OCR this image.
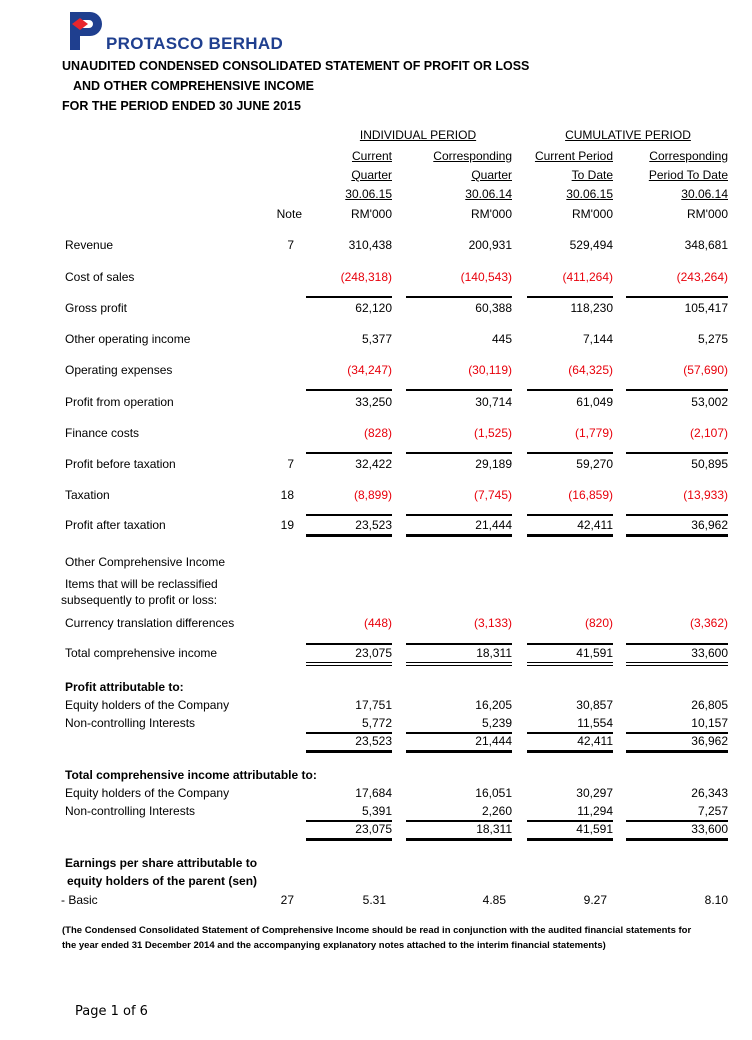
PROTASCO BERHAD
UNAUDITED CONDENSED CONSOLIDATED STATEMENT OF PROFIT OR LOSS
AND OTHER COMPREHENSIVE INCOME
FOR THE PERIOD ENDED 30 JUNE 2015
INDIVIDUAL PERIOD	CUMULATIVE PERIOD
Current	Corresponding	Current Period	Corresponding
Quarter	Quarter	To Date	Period To Date
30.06.15	30.06.14	30.06.15	30.06.14
Note	RM'000	RM'000	RM'000	RM'000
Revenue	7	310,438	200,931	529,494	348,681
Cost of sales	(248,318)	(140,543)	(411,264)	(243,264)
Gross profit	62,120	60,388	118,230	105,417
Other operating income	5,377	445	7,144	5,275
Operating expenses	(34,247)	(30,119)	(64,325)	(57,690)
Profit from operation	33,250	30,714	61,049	53,002
Finance costs	(828)	(1,525)	(1,779)	(2,107)
Profit before taxation	7	32,422	29,189	59,270	50,895
Taxation	18	(8,899)	(7,745)	(16,859)	(13,933)
Profit after taxation	19	23,523	21,444	42,411	36,962
Other Comprehensive Income
Items that will be reclassified
subsequently to profit or loss:
Currency translation differences	(448)	(3,133)	(820)	(3,362)
Total comprehensive income	23,075	18,311	41,591	33,600
Profit attributable to:
Equity holders of the Company	17,751	16,205	30,857	26,805
Non-controlling Interests	5,772	5,239	11,554	10,157
23,523	21,444	42,411	36,962
Total comprehensive income attributable to:
Equity holders of the Company	17,684	16,051	30,297	26,343
Non-controlling Interests	5,391	2,260	11,294	7,257
23,075	18,311	41,591	33,600
Earnings per share attributable to
equity holders of the parent (sen)
- Basic	27	5.31	4.85	9.27	8.10
(The Condensed Consolidated Statement of Comprehensive Income should be read in conjunction with the audited financial statements for the year ended 31 December 2014 and the accompanying explanatory notes attached to the interim financial statements)
Page 1 of 6
